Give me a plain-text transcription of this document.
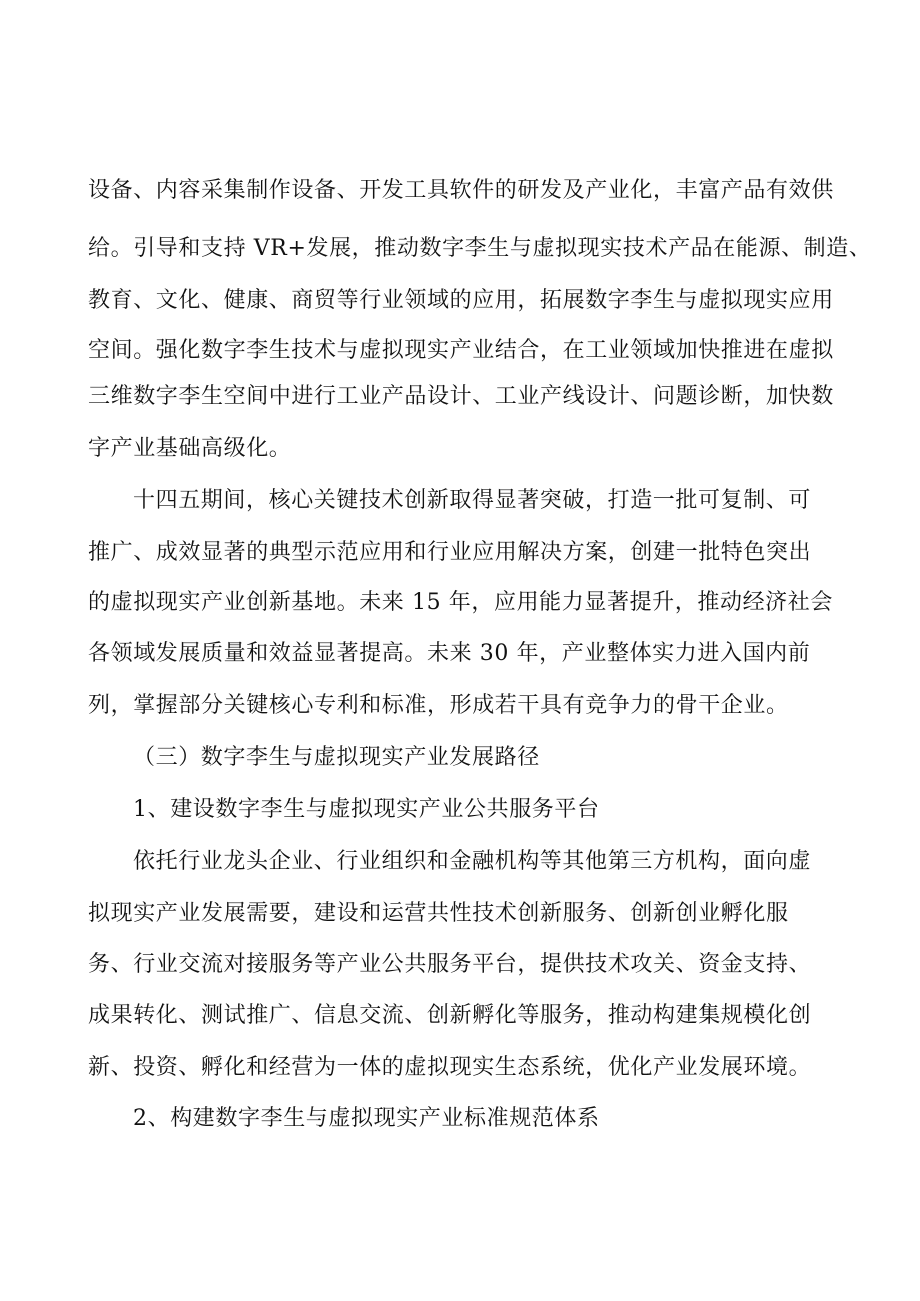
设备、内容采集制作设备、开发工具软件的研发及产业化，丰富产品有效供
给。引导和支持 VR+发展，推动数字李生与虚拟现实技术产品在能源、制造、
教育、文化、健康、商贸等行业领域的应用，拓展数字李生与虚拟现实应用
空间。强化数字李生技术与虚拟现实产业结合，在工业领域加快推进在虚拟
三维数字李生空间中进行工业产品设计、工业产线设计、问题诊断，加快数
字产业基础高级化。
十四五期间，核心关键技术创新取得显著突破，打造一批可复制、可
推广、成效显著的典型示范应用和行业应用解决方案，创建一批特色突出
的虚拟现实产业创新基地。未来 15 年，应用能力显著提升，推动经济社会
各领域发展质量和效益显著提高。未来 30 年，产业整体实力进入国内前
列，掌握部分关键核心专利和标准，形成若干具有竞争力的骨干企业。
（三）数字李生与虚拟现实产业发展路径
1、建设数字李生与虚拟现实产业公共服务平台
依托行业龙头企业、行业组织和金融机构等其他第三方机构，面向虚
拟现实产业发展需要，建设和运营共性技术创新服务、创新创业孵化服
务、行业交流对接服务等产业公共服务平台，提供技术攻关、资金支持、
成果转化、测试推广、信息交流、创新孵化等服务，推动构建集规模化创
新、投资、孵化和经营为一体的虚拟现实生态系统，优化产业发展环境。
2、构建数字李生与虚拟现实产业标准规范体系
